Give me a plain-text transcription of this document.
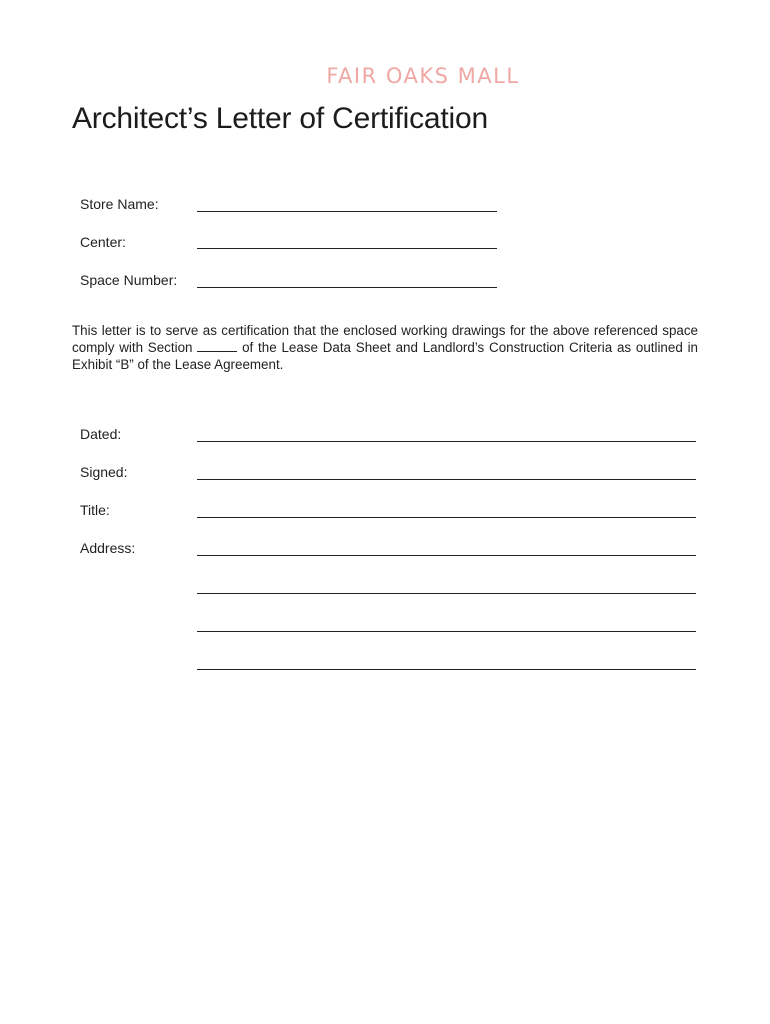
FAIR OAKS MALL
Architect’s Letter of Certification
Store Name:
Center:
Space Number:

This letter is to serve as certification that the enclosed working drawings for the above referenced space comply with Section	of the Lease Data Sheet and Landlord’s Construction Criteria as outlined in Exhibit “B” of the Lease Agreement.

Dated:
Signed:
Title:
Address:
